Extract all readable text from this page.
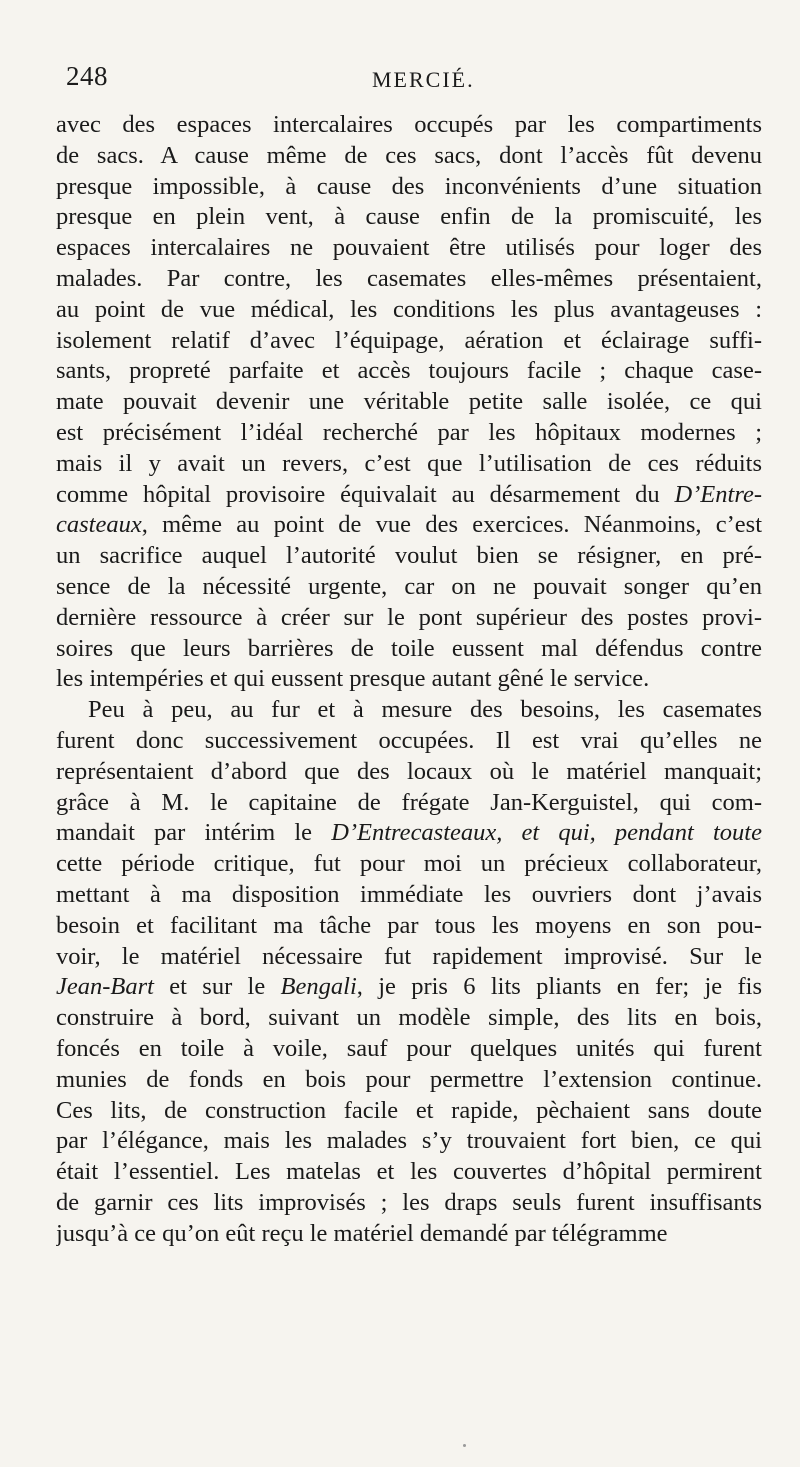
248	MERCIÉ.
avec des espaces intercalaires occupés par les compartiments
de sacs. A cause même de ces sacs, dont l’accès fût devenu
presque impossible, à cause des inconvénients d’une situation
presque en plein vent, à cause enfin de la promiscuité, les
espaces intercalaires ne pouvaient être utilisés pour loger des
malades. Par contre, les casemates elles-mêmes présentaient,
au point de vue médical, les conditions les plus avantageuses :
isolement relatif d’avec l’équipage, aération et éclairage suffi-
sants, propreté parfaite et accès toujours facile ; chaque case-
mate pouvait devenir une véritable petite salle isolée, ce qui
est précisément l’idéal recherché par les hôpitaux modernes ;
mais il y avait un revers, c’est que l’utilisation de ces réduits
comme hôpital provisoire équivalait au désarmement du D’Entre-
casteaux, même au point de vue des exercices. Néanmoins, c’est
un sacrifice auquel l’autorité voulut bien se résigner, en pré-
sence de la nécessité urgente, car on ne pouvait songer qu’en
dernière ressource à créer sur le pont supérieur des postes provi-
soires que leurs barrières de toile eussent mal défendus contre
les intempéries et qui eussent presque autant gêné le service.
Peu à peu, au fur et à mesure des besoins, les casemates
furent donc successivement occupées. Il est vrai qu’elles ne
représentaient d’abord que des locaux où le matériel manquait;
grâce à M. le capitaine de frégate Jan-Kerguistel, qui com-
mandait par intérim le D’Entrecasteaux, et qui, pendant toute
cette période critique, fut pour moi un précieux collaborateur,
mettant à ma disposition immédiate les ouvriers dont j’avais
besoin et facilitant ma tâche par tous les moyens en son pou-
voir, le matériel nécessaire fut rapidement improvisé. Sur le
Jean-Bart et sur le Bengali, je pris 6 lits pliants en fer; je fis
construire à bord, suivant un modèle simple, des lits en bois,
foncés en toile à voile, sauf pour quelques unités qui furent
munies de fonds en bois pour permettre l’extension continue.
Ces lits, de construction facile et rapide, pèchaient sans doute
par l’élégance, mais les malades s’y trouvaient fort bien, ce qui
était l’essentiel. Les matelas et les couvertes d’hôpital permirent
de garnir ces lits improvisés ; les draps seuls furent insuffisants
jusqu’à ce qu’on eût reçu le matériel demandé par télégramme
